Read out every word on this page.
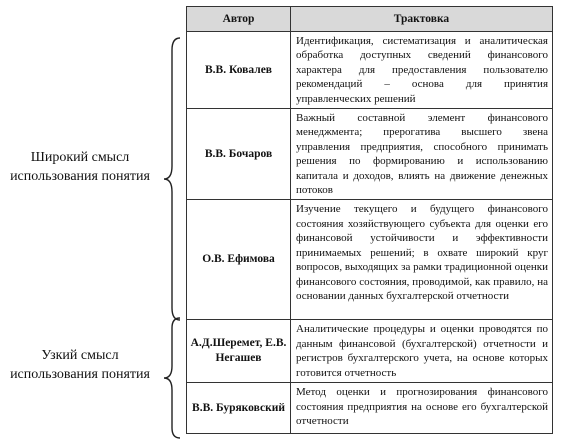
Широкий смысл использования понятия
Узкий смысл использования понятия
Автор	Трактовка
В.В. Ковалев	Идентификация, систематизация и аналитическая обработка доступных сведений финансового характера для предоставления пользователю рекомендаций – основа для принятия управленческих решений
В.В. Бочаров	Важный составной элемент финансового менеджмента; прерогатива высшего звена управления предприятия, способного принимать решения по формированию и использованию капитала и доходов, влиять на движение денежных потоков
О.В. Ефимова	Изучение текущего и будущего финансового состояния хозяйствующего субъекта для оценки его финансовой устойчивости и эффективности принимаемых решений; в охвате широкий круг вопросов, выходящих за рамки традиционной оценки финансового состояния, проводимой, как правило, на основании данных бухгалтерской отчетности
А.Д.Шеремет, Е.В. Негашев	Аналитические процедуры и оценки проводятся по данным финансовой (бухгалтерской) отчетности и регистров бухгалтерского учета, на основе которых готовится отчетность
В.В. Буряковский	Метод оценки и прогнозирования финансового состояния предприятия на основе его бухгалтерской отчетности
